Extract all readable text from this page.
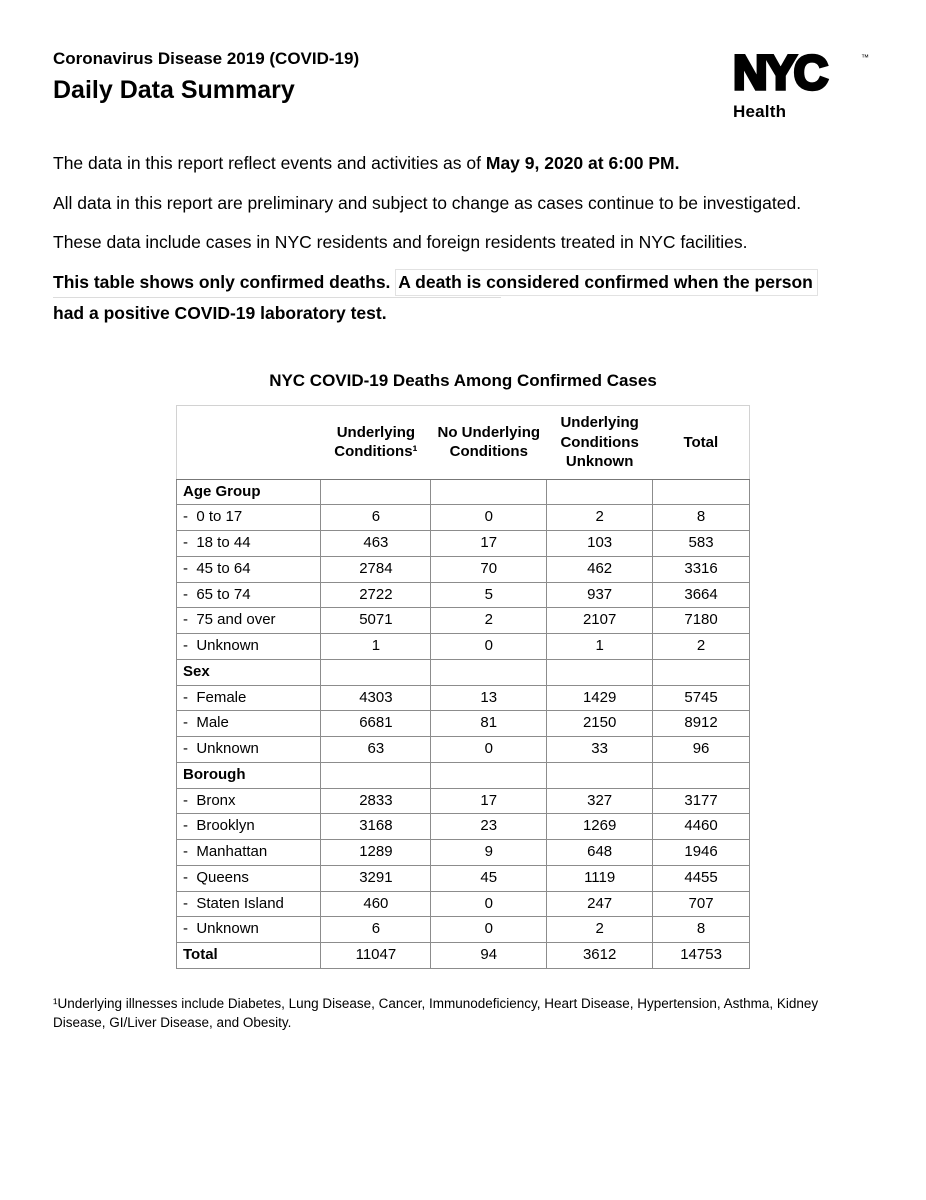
Coronavirus Disease 2019 (COVID-19)
Daily Data Summary	NYC	™
Health

The data in this report reflect events and activities as of May 9, 2020 at 6:00 PM.

All data in this report are preliminary and subject to change as cases continue to be investigated.

These data include cases in NYC residents and foreign residents treated in NYC facilities.

This table shows only confirmed deaths. A death is considered confirmed when the person
had a positive COVID-19 laboratory test.

NYC COVID-19 Deaths Among Confirmed Cases
	Underlying Conditions¹	No Underlying Conditions	Underlying Conditions Unknown	Total
Age Group				
-  0 to 17	6	0	2	8
-  18 to 44	463	17	103	583
-  45 to 64	2784	70	462	3316
-  65 to 74	2722	5	937	3664
-  75 and over	5071	2	2107	7180
-  Unknown	1	0	1	2
Sex				
-  Female	4303	13	1429	5745
-  Male	6681	81	2150	8912
-  Unknown	63	0	33	96
Borough				
-  Bronx	2833	17	327	3177
-  Brooklyn	3168	23	1269	4460
-  Manhattan	1289	9	648	1946
-  Queens	3291	45	1119	4455
-  Staten Island	460	0	247	707
-  Unknown	6	0	2	8
Total	11047	94	3612	14753

¹Underlying illnesses include Diabetes, Lung Disease, Cancer, Immunodeficiency, Heart Disease, Hypertension, Asthma, Kidney Disease, GI/Liver Disease, and Obesity.
